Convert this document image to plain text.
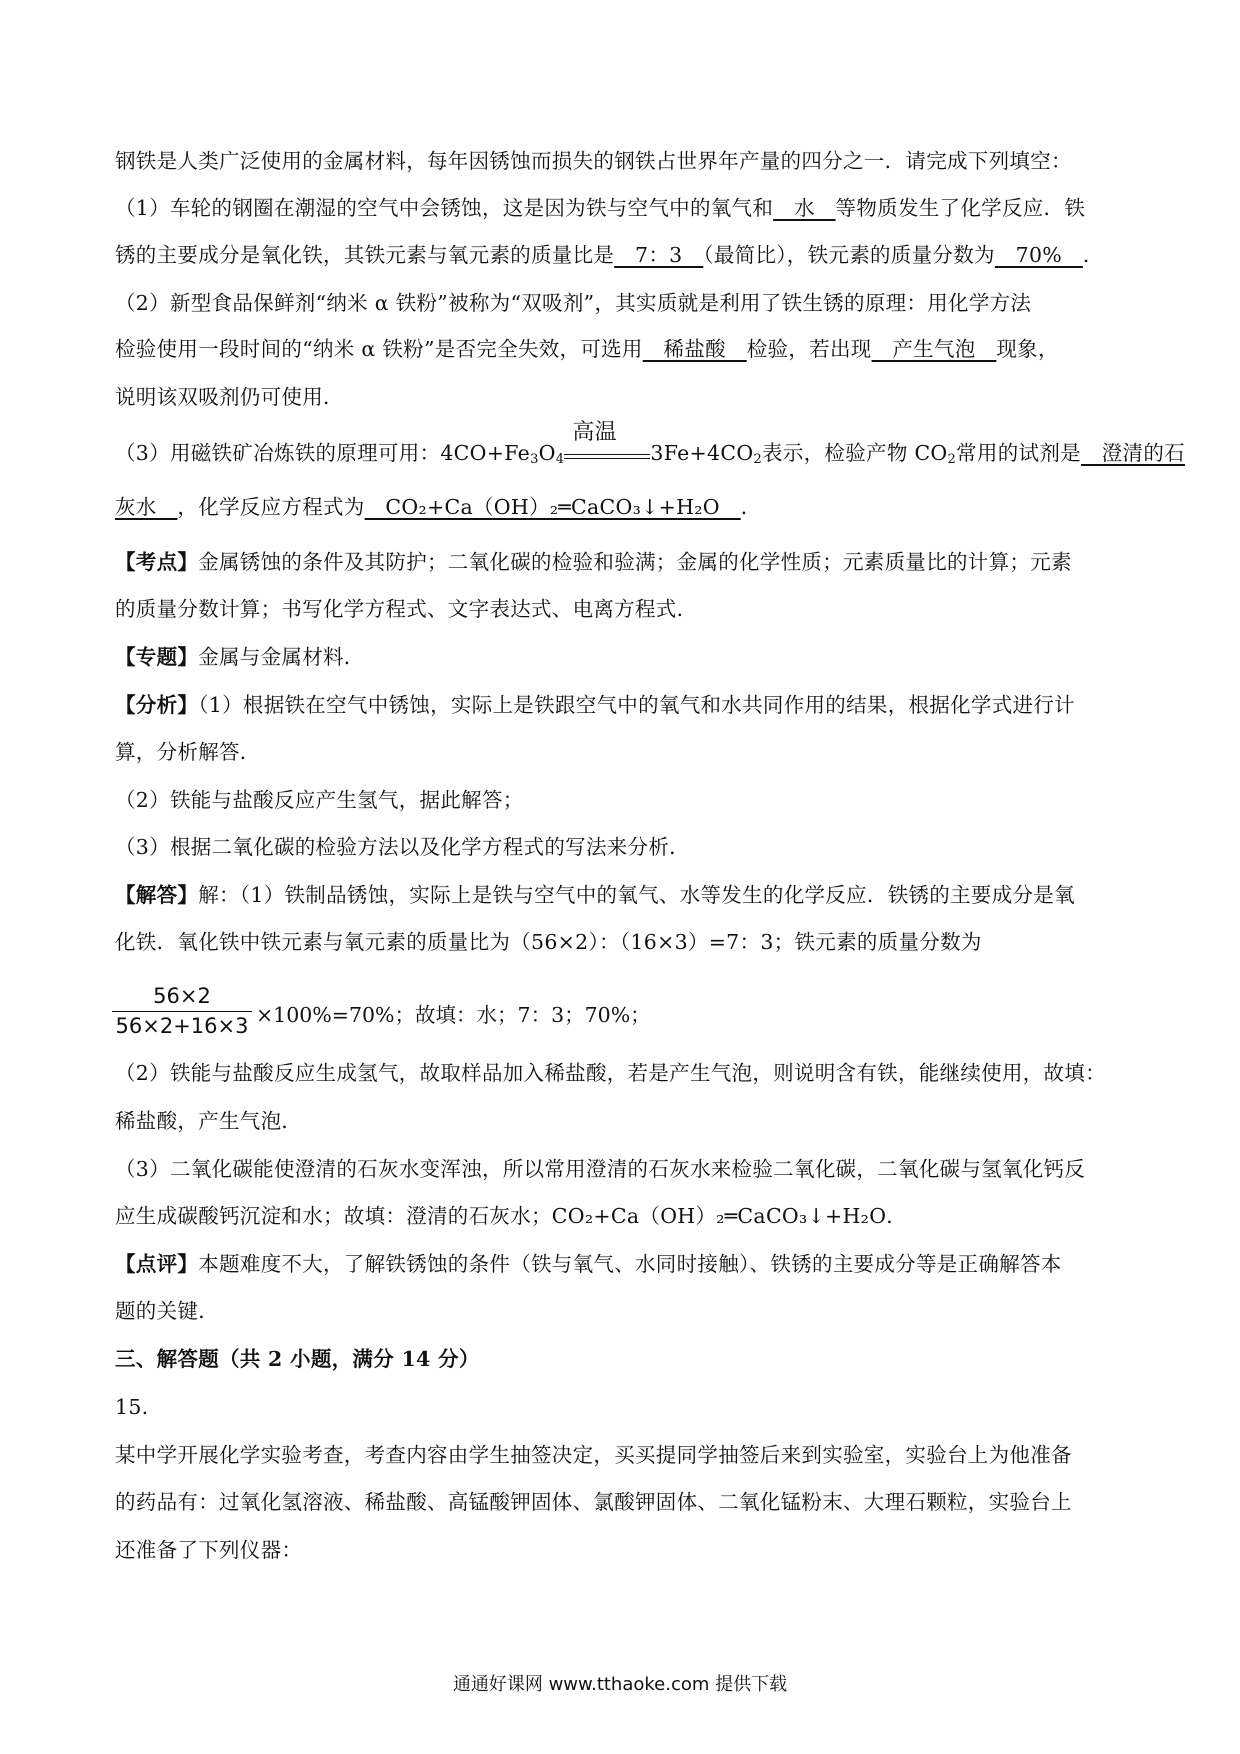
钢铁是人类广泛使用的金属材料，每年因锈蚀而损失的钢铁占世界年产量的四分之一．请完成下列填空：
（1）车轮的钢圈在潮湿的空气中会锈蚀，这是因为铁与空气中的氧气和　水　等物质发生了化学反应．铁
锈的主要成分是氧化铁，其铁元素与氧元素的质量比是　7：3　（最简比），铁元素的质量分数为　70%　．
（2）新型食品保鲜剂“纳米 α 铁粉”被称为“双吸剂”，其实质就是利用了铁生锈的原理：用化学方法
检验使用一段时间的“纳米 α 铁粉”是否完全失效，可选用　稀盐酸　检验，若出现　产生气泡　现象，
说明该双吸剂仍可使用．
（3）用磁铁矿冶炼铁的原理可用：$4CO+Fe_3O_4$
高温
$3Fe+4CO_2$表示，检验产物 $CO_2$常用的试剂是　澄清的石
灰水　，化学反应方程式为　CO₂+Ca（OH）₂═CaCO₃↓+H₂O　．
【考点】金属锈蚀的条件及其防护；二氧化碳的检验和验满；金属的化学性质；元素质量比的计算；元素
的质量分数计算；书写化学方程式、文字表达式、电离方程式．
【专题】金属与金属材料．
【分析】（1）根据铁在空气中锈蚀，实际上是铁跟空气中的氧气和水共同作用的结果，根据化学式进行计
算，分析解答．
（2）铁能与盐酸反应产生氢气，据此解答；
（3）根据二氧化碳的检验方法以及化学方程式的写法来分析．
【解答】解：（1）铁制品锈蚀，实际上是铁与空气中的氧气、水等发生的化学反应．铁锈的主要成分是氧
化铁．氧化铁中铁元素与氧元素的质量比为（56×2）：（16×3）=7：3；铁元素的质量分数为
56×2
56×2+16×3 ×100%=70%；故填：水；7：3；70%；
（2）铁能与盐酸反应生成氢气，故取样品加入稀盐酸，若是产生气泡，则说明含有铁，能继续使用，故填：
稀盐酸，产生气泡．
（3）二氧化碳能使澄清的石灰水变浑浊，所以常用澄清的石灰水来检验二氧化碳，二氧化碳与氢氧化钙反
应生成碳酸钙沉淀和水；故填：澄清的石灰水；CO₂+Ca（OH）₂═CaCO₃↓+H₂O．
【点评】本题难度不大，了解铁锈蚀的条件（铁与氧气、水同时接触）、铁锈的主要成分等是正确解答本
题的关键．
三、解答题（共 2 小题，满分 14 分）
15.
某中学开展化学实验考查，考查内容由学生抽签决定，买买提同学抽签后来到实验室，实验台上为他准备
的药品有：过氧化氢溶液、稀盐酸、高锰酸钾固体、氯酸钾固体、二氧化锰粉末、大理石颗粒，实验台上
还准备了下列仪器：
通通好课网 www.tthaoke.com 提供下载
